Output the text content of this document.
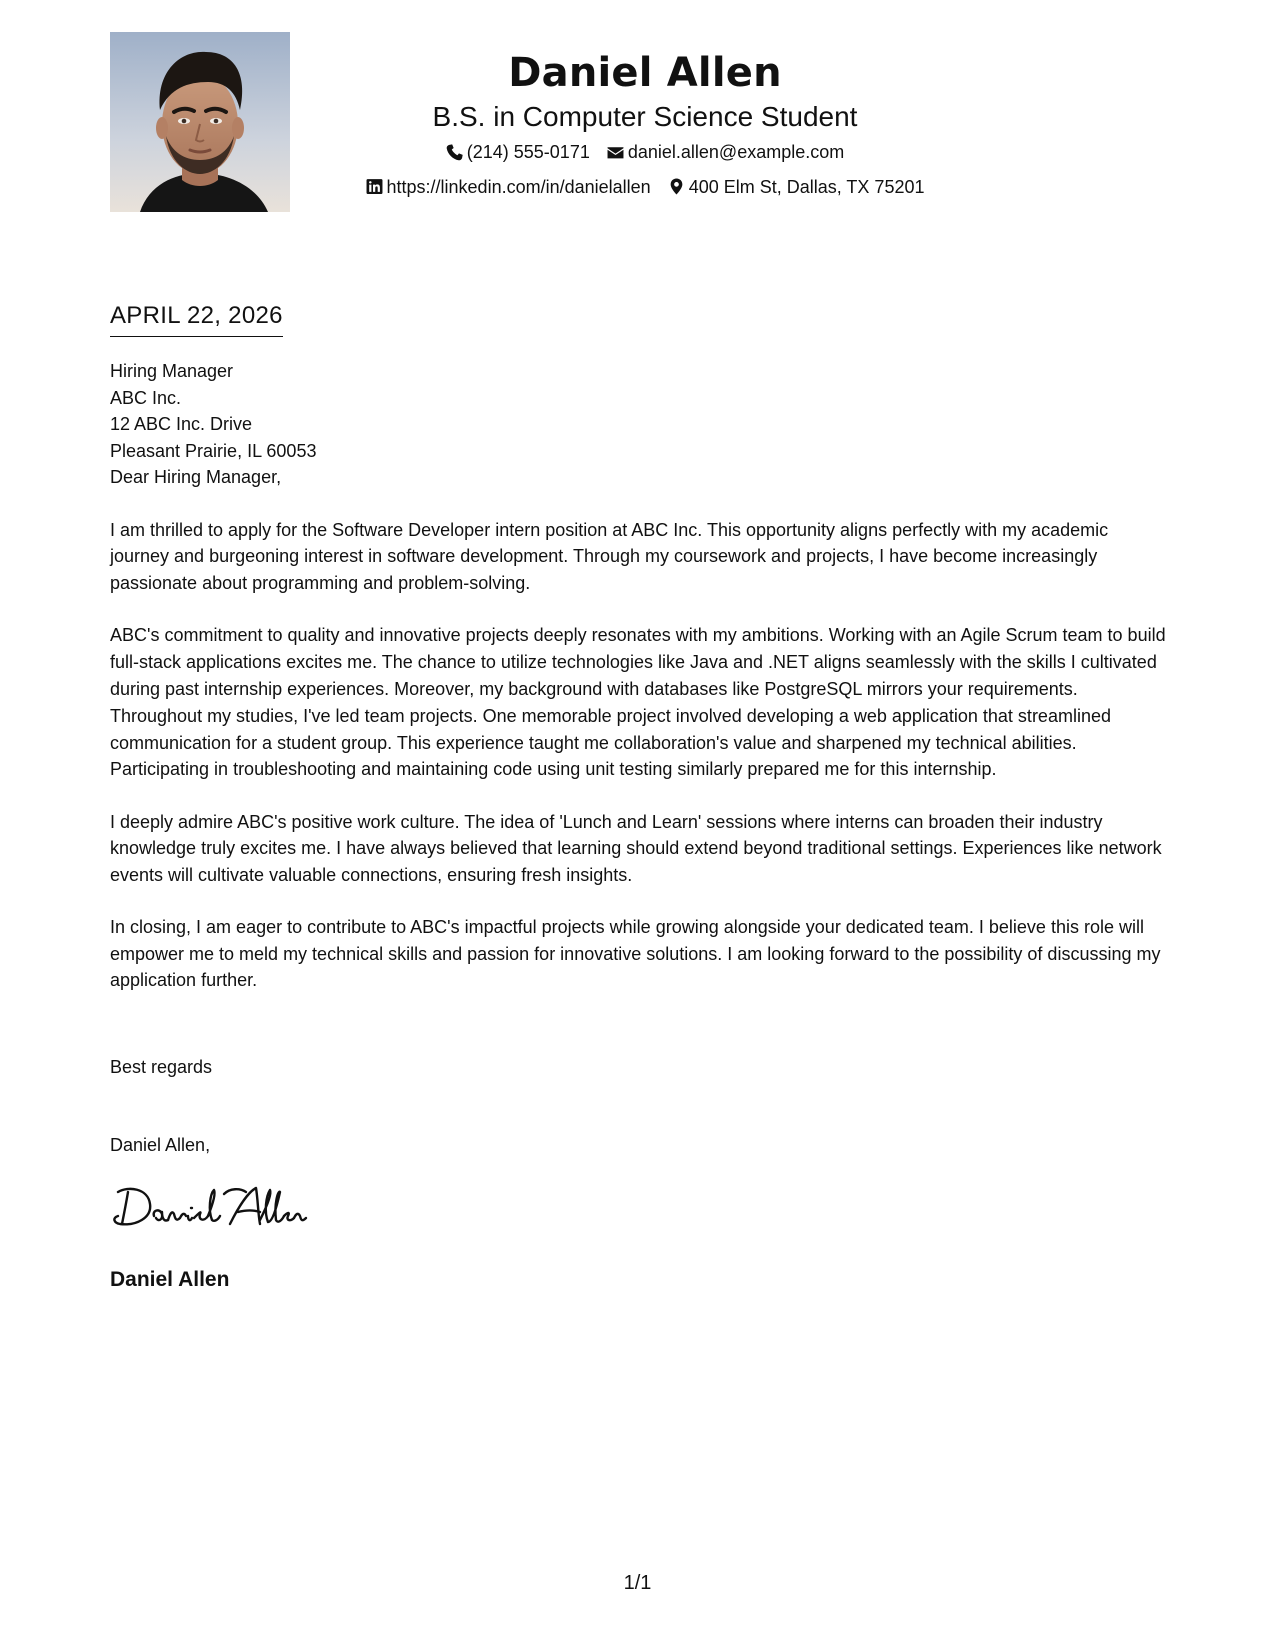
Daniel Allen
B.S. in Computer Science Student
(214) 555-0171
daniel.allen@example.com
https://linkedin.com/in/danielallen
400 Elm St, Dallas, TX 75201
APRIL 22, 2026
Hiring Manager
ABC Inc.
12 ABC Inc. Drive
Pleasant Prairie, IL 60053
Dear Hiring Manager,

I am thrilled to apply for the Software Developer intern position at ABC Inc. This opportunity aligns perfectly with my academic journey and burgeoning interest in software development. Through my coursework and projects, I have become increasingly passionate about programming and problem-solving.

ABC's commitment to quality and innovative projects deeply resonates with my ambitions. Working with an Agile Scrum team to build full-stack applications excites me. The chance to utilize technologies like Java and .NET aligns seamlessly with the skills I cultivated during past internship experiences. Moreover, my background with databases like PostgreSQL mirrors your requirements.

Throughout my studies, I've led team projects. One memorable project involved developing a web application that streamlined communication for a student group. This experience taught me collaboration's value and sharpened my technical abilities. Participating in troubleshooting and maintaining code using unit testing similarly prepared me for this internship.

I deeply admire ABC's positive work culture. The idea of 'Lunch and Learn' sessions where interns can broaden their industry knowledge truly excites me. I have always believed that learning should extend beyond traditional settings. Experiences like network events will cultivate valuable connections, ensuring fresh insights.

In closing, I am eager to contribute to ABC's impactful projects while growing alongside your dedicated team. I believe this role will empower me to meld my technical skills and passion for innovative solutions. I am looking forward to the possibility of discussing my application further.

Best regards
Daniel Allen,
Daniel Allen
1/1
